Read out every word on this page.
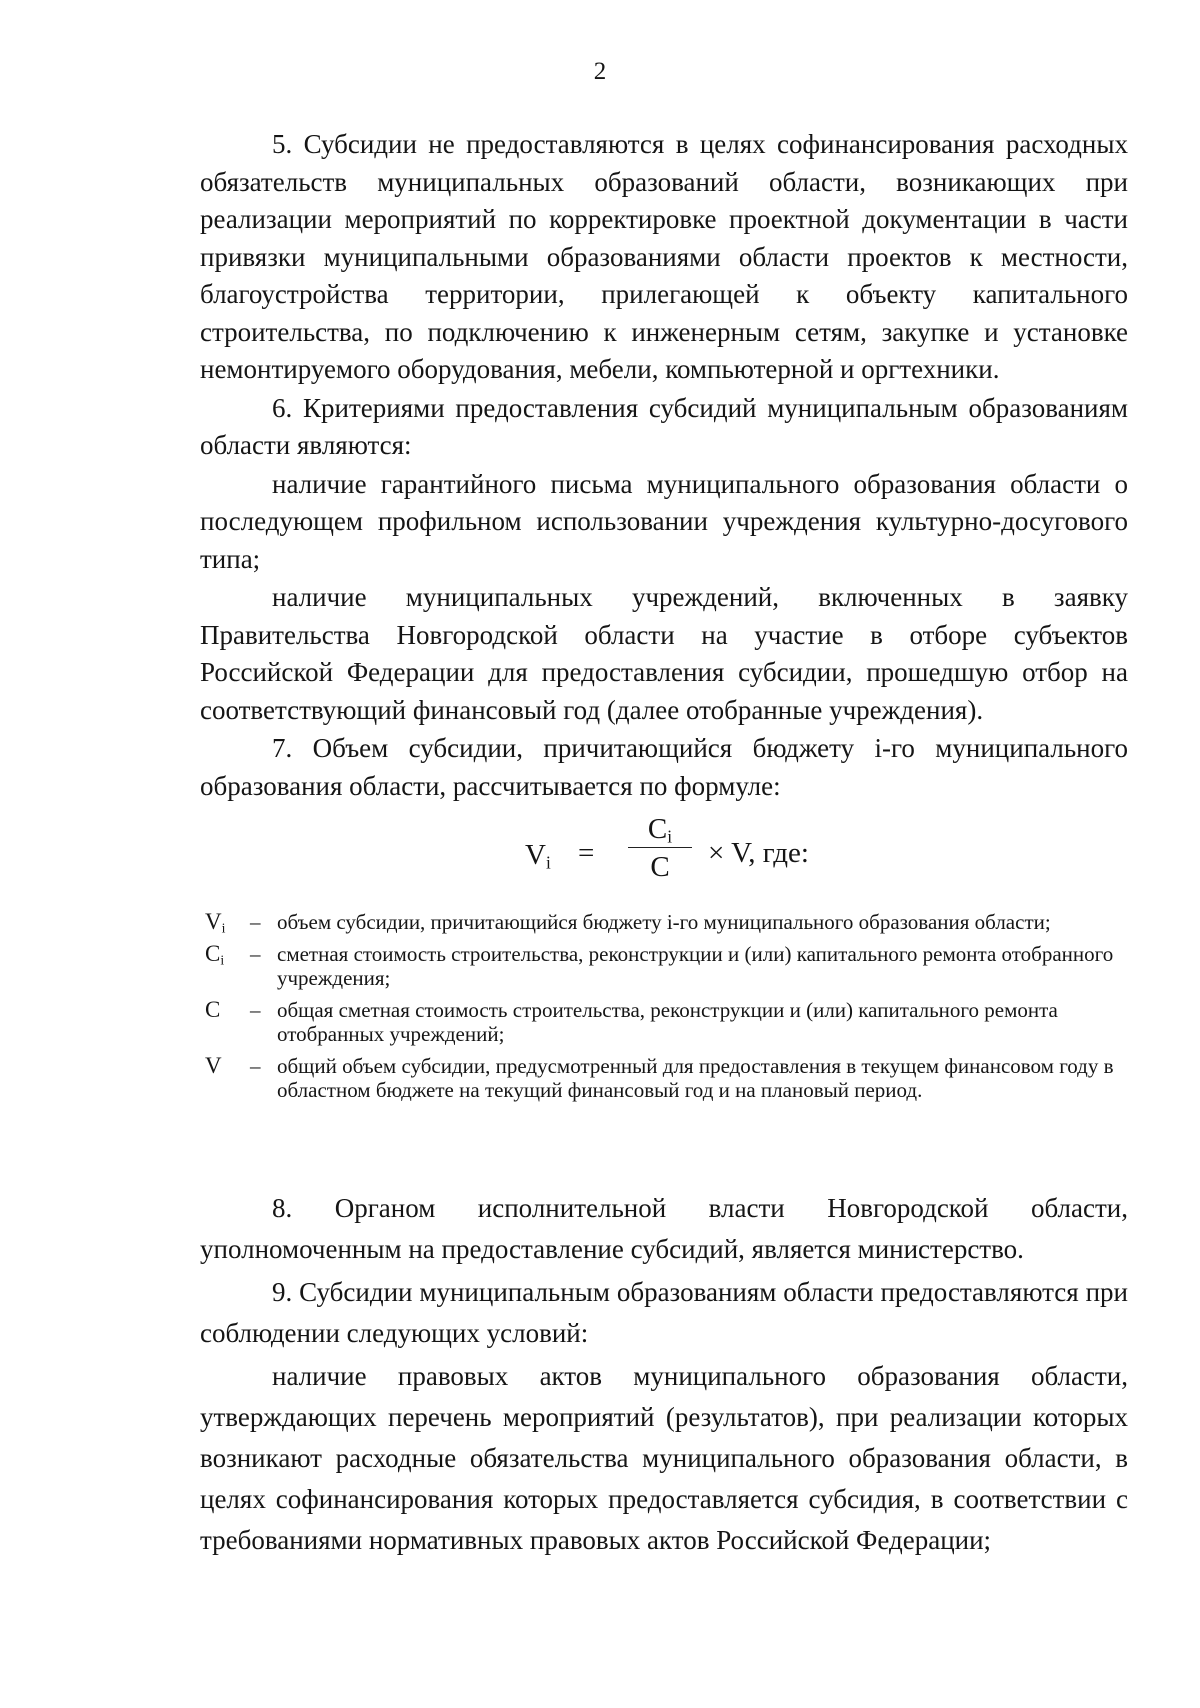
2

5. Субсидии не предоставляются в целях софинансирования расходных обязательств муниципальных образований области, возникающих при реализации мероприятий по корректировке проектной документации в части привязки муниципальными образованиями области проектов к местности, благоустройства территории, прилегающей к объекту капитального строительства, по подключению к инженерным сетям, закупке и установке немонтируемого оборудования, мебели, компьютерной и оргтехники.

6. Критериями предоставления субсидий муниципальным образованиям области являются:

наличие гарантийного письма муниципального образования области о последующем профильном использовании учреждения культурно-досугового типа;

наличие муниципальных учреждений, включенных в заявку Правительства Новгородской области на участие в отборе субъектов Российской Федерации для предоставления субсидии, прошедшую отбор на соответствующий финансовый год (далее отобранные учреждения).

7. Объем субсидии, причитающийся бюджету i-го муниципального образования области, рассчитывается по формуле:

$V_i$ =
$C_i$
C	× V, где:
$V_i$ – объем субсидии, причитающийся бюджету i-го муниципального образования области;
$C_i$ – сметная стоимость строительства, реконструкции и (или) капитального ремонта отобранного учреждения;
C – общая сметная стоимость строительства, реконструкции и (или) капитального ремонта отобранных учреждений;
V – общий объем субсидии, предусмотренный для предоставления в текущем финансовом году в областном бюджете на текущий финансовый год и на плановый период.

8. Органом исполнительной власти Новгородской области, уполномоченным на предоставление субсидий, является министерство.

9. Субсидии муниципальным образованиям области предоставляются при соблюдении следующих условий:

наличие правовых актов муниципального образования области, утверждающих перечень мероприятий (результатов), при реализации которых возникают расходные обязательства муниципального образования области, в целях софинансирования которых предоставляется субсидия, в соответствии с требованиями нормативных правовых актов Российской Федерации;
